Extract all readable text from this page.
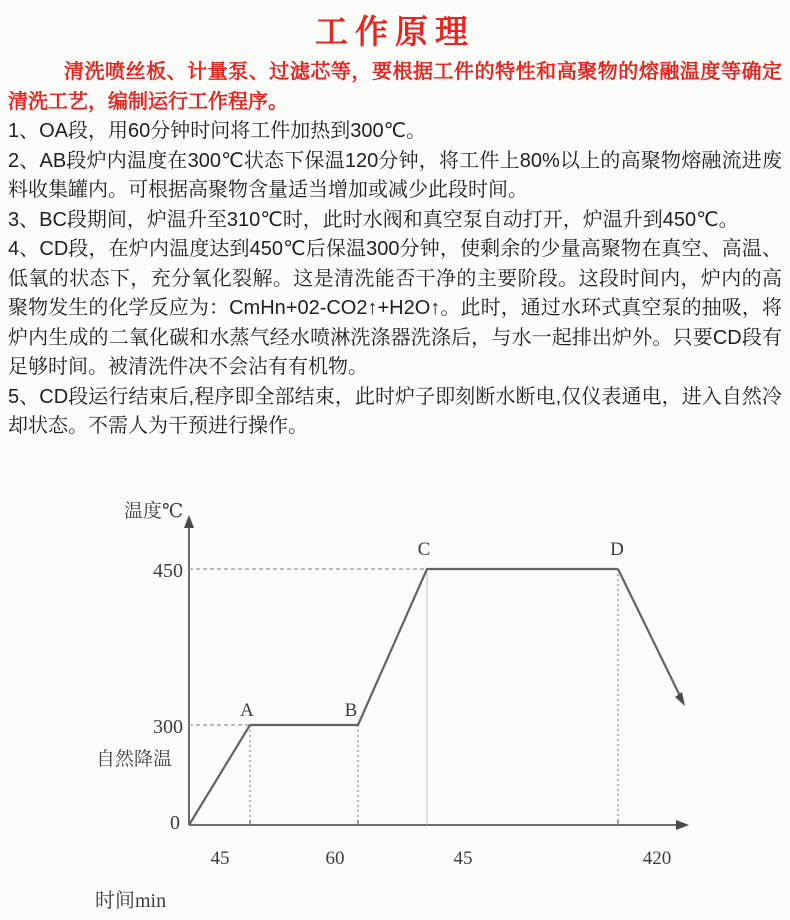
工作原理

清洗喷丝板、计量泵、过滤芯等，要根据工件的特性和高聚物的熔融温度等确定清洗工艺，编制运行工作程序。

1、OA段，用60分钟时问将工件加热到300℃。

2、AB段炉内温度在300℃状态下保温120分钟，将工件上80%以上的高聚物熔融流进废料收集罐内。可根据高聚物含量适当增加或减少此段时间。

3、BC段期间，炉温升至310℃时，此时水阀和真空泵自动打开，炉温升到450℃。

4、CD段，在炉内温度达到450℃后保温300分钟，使剩余的少量高聚物在真空、高温、低氧的状态下，充分氧化裂解。这是清洗能否干净的主要阶段。这段时间内，炉内的高聚物发生的化学反应为：CmHn+02-CO2↑+H2O↑。此时，通过水环式真空泵的抽吸，将炉内生成的二氧化碳和水蒸气经水喷淋洗涤器洗涤后，与水一起排出炉外。只要CD段有足够时间。被清洗件决不会沾有有机物。

5、CD段运行结束后,程序即全部结束，此时炉子即刻断水断电,仅仪表通电，进入自然冷却状态。不需人为干预进行操作。

450
300
0
A	B
C	D
温度℃
自然降温
时间min
45	60	45	420
